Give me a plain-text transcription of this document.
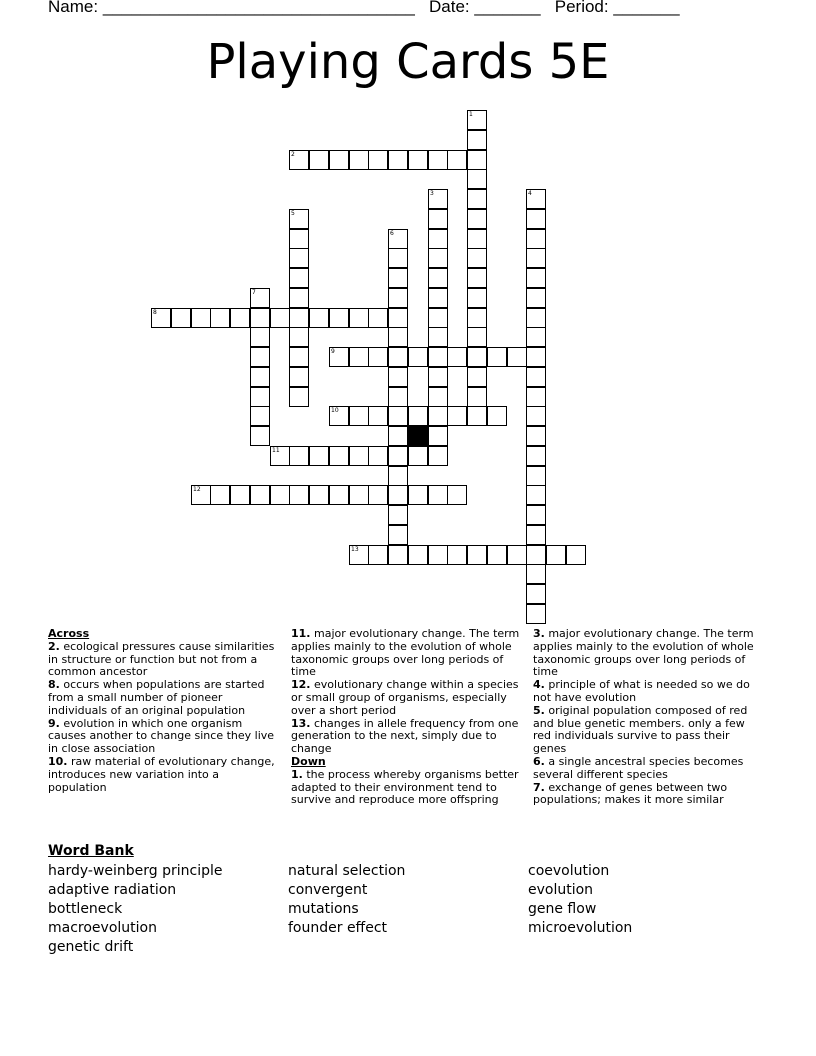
Name: _________________________________ Date: _______ Period: _______
Playing Cards 5E
1
2
3	4
5
6
7
8
9
10
11
12
13
Across
2. ecological pressures cause similarities in structure or function but not from a common ancestor
8. occurs when populations are started from a small number of pioneer individuals of an original population
9. evolution in which one organism causes another to change since they live in close association
10. raw material of evolutionary change, introduces new variation into a population
11. major evolutionary change. The term applies mainly to the evolution of whole taxonomic groups over long periods of time
12. evolutionary change within a species or small group of organisms, especially over a short period
13. changes in allele frequency from one generation to the next, simply due to change
Down
1. the process whereby organisms better adapted to their environment tend to survive and reproduce more offspring
3. major evolutionary change. The term applies mainly to the evolution of whole taxonomic groups over long periods of time
4. principle of what is needed so we do not have evolution
5. original population composed of red and blue genetic members. only a few red individuals survive to pass their genes
6. a single ancestral species becomes several different species
7. exchange of genes between two populations; makes it more similar
Word Bank
hardy-weinberg principle
adaptive radiation
bottleneck
macroevolution
genetic drift
natural selection
convergent
mutations
founder effect
coevolution
evolution
gene flow
microevolution
